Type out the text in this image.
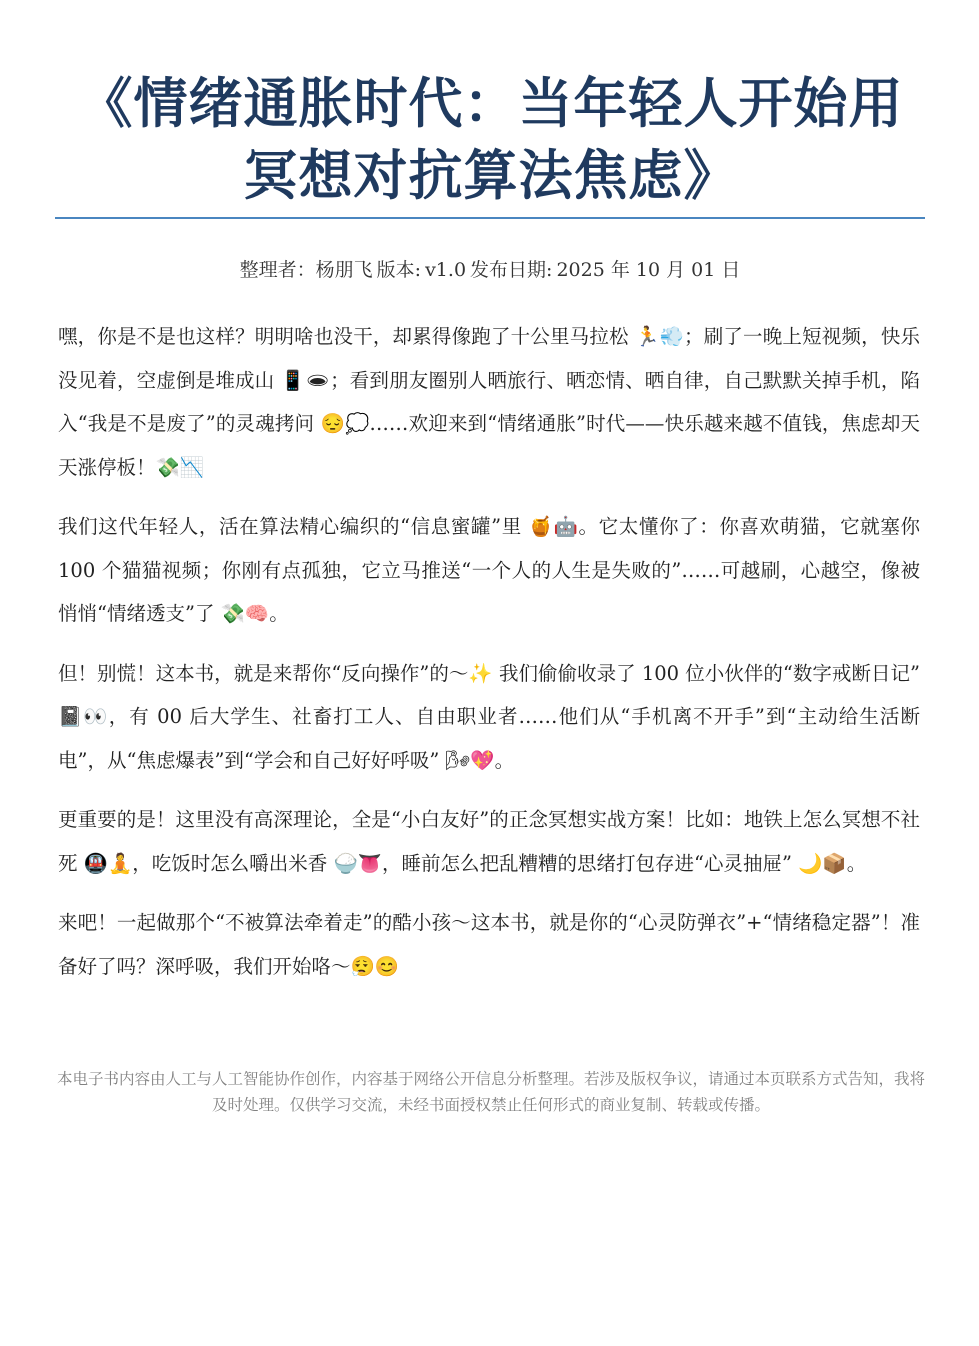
《情绪通胀时代：当年轻人开始用
冥想对抗算法焦虑》
整理者：杨朋飞 版本: v1.0 发布日期: 2025 年 10 月 01 日

嘿，你是不是也这样？明明啥也没干，却累得像跑了十公里马拉松 🏃💨；刷了一晚上短视频，快乐没见着，空虚倒是堆成山 📱🕳；看到朋友圈别人晒旅行、晒恋情、晒自律，自己默默关掉手机，陷入“我是不是废了”的灵魂拷问 😔💭……欢迎来到“情绪通胀”时代——快乐越来越不值钱，焦虑却天天涨停板！💸📉

我们这代年轻人，活在算法精心编织的“信息蜜罐”里 🍯🤖。它太懂你了：你喜欢萌猫，它就塞你 100 个猫猫视频；你刚有点孤独，它立马推送“一个人的人生是失败的”……可越刷，心越空，像被悄悄“情绪透支”了 💸🧠。

但！别慌！这本书，就是来帮你“反向操作”的～✨ 我们偷偷收录了 100 位小伙伴的“数字戒断日记” 📓👀，有 00 后大学生、社畜打工人、自由职业者……他们从“手机离不开手”到“主动给生活断电”，从“焦虑爆表”到“学会和自己好好呼吸” 🌬💖。

更重要的是！这里没有高深理论，全是“小白友好”的正念冥想实战方案！比如：地铁上怎么冥想不社死 🚇🧘，吃饭时怎么嚼出米香 🍚👅，睡前怎么把乱糟糟的思绪打包存进“心灵抽屉” 🌙📦。

来吧！一起做那个“不被算法牵着走”的酷小孩～这本书，就是你的“心灵防弹衣”+“情绪稳定器”！准备好了吗？深呼吸，我们开始咯～😮‍💨😊

本电子书内容由人工与人工智能协作创作，内容基于网络公开信息分析整理。若涉及版权争议，请通过本页联系方式告知，我将及时处理。仅供学习交流，未经书面授权禁止任何形式的商业复制、转载或传播。
